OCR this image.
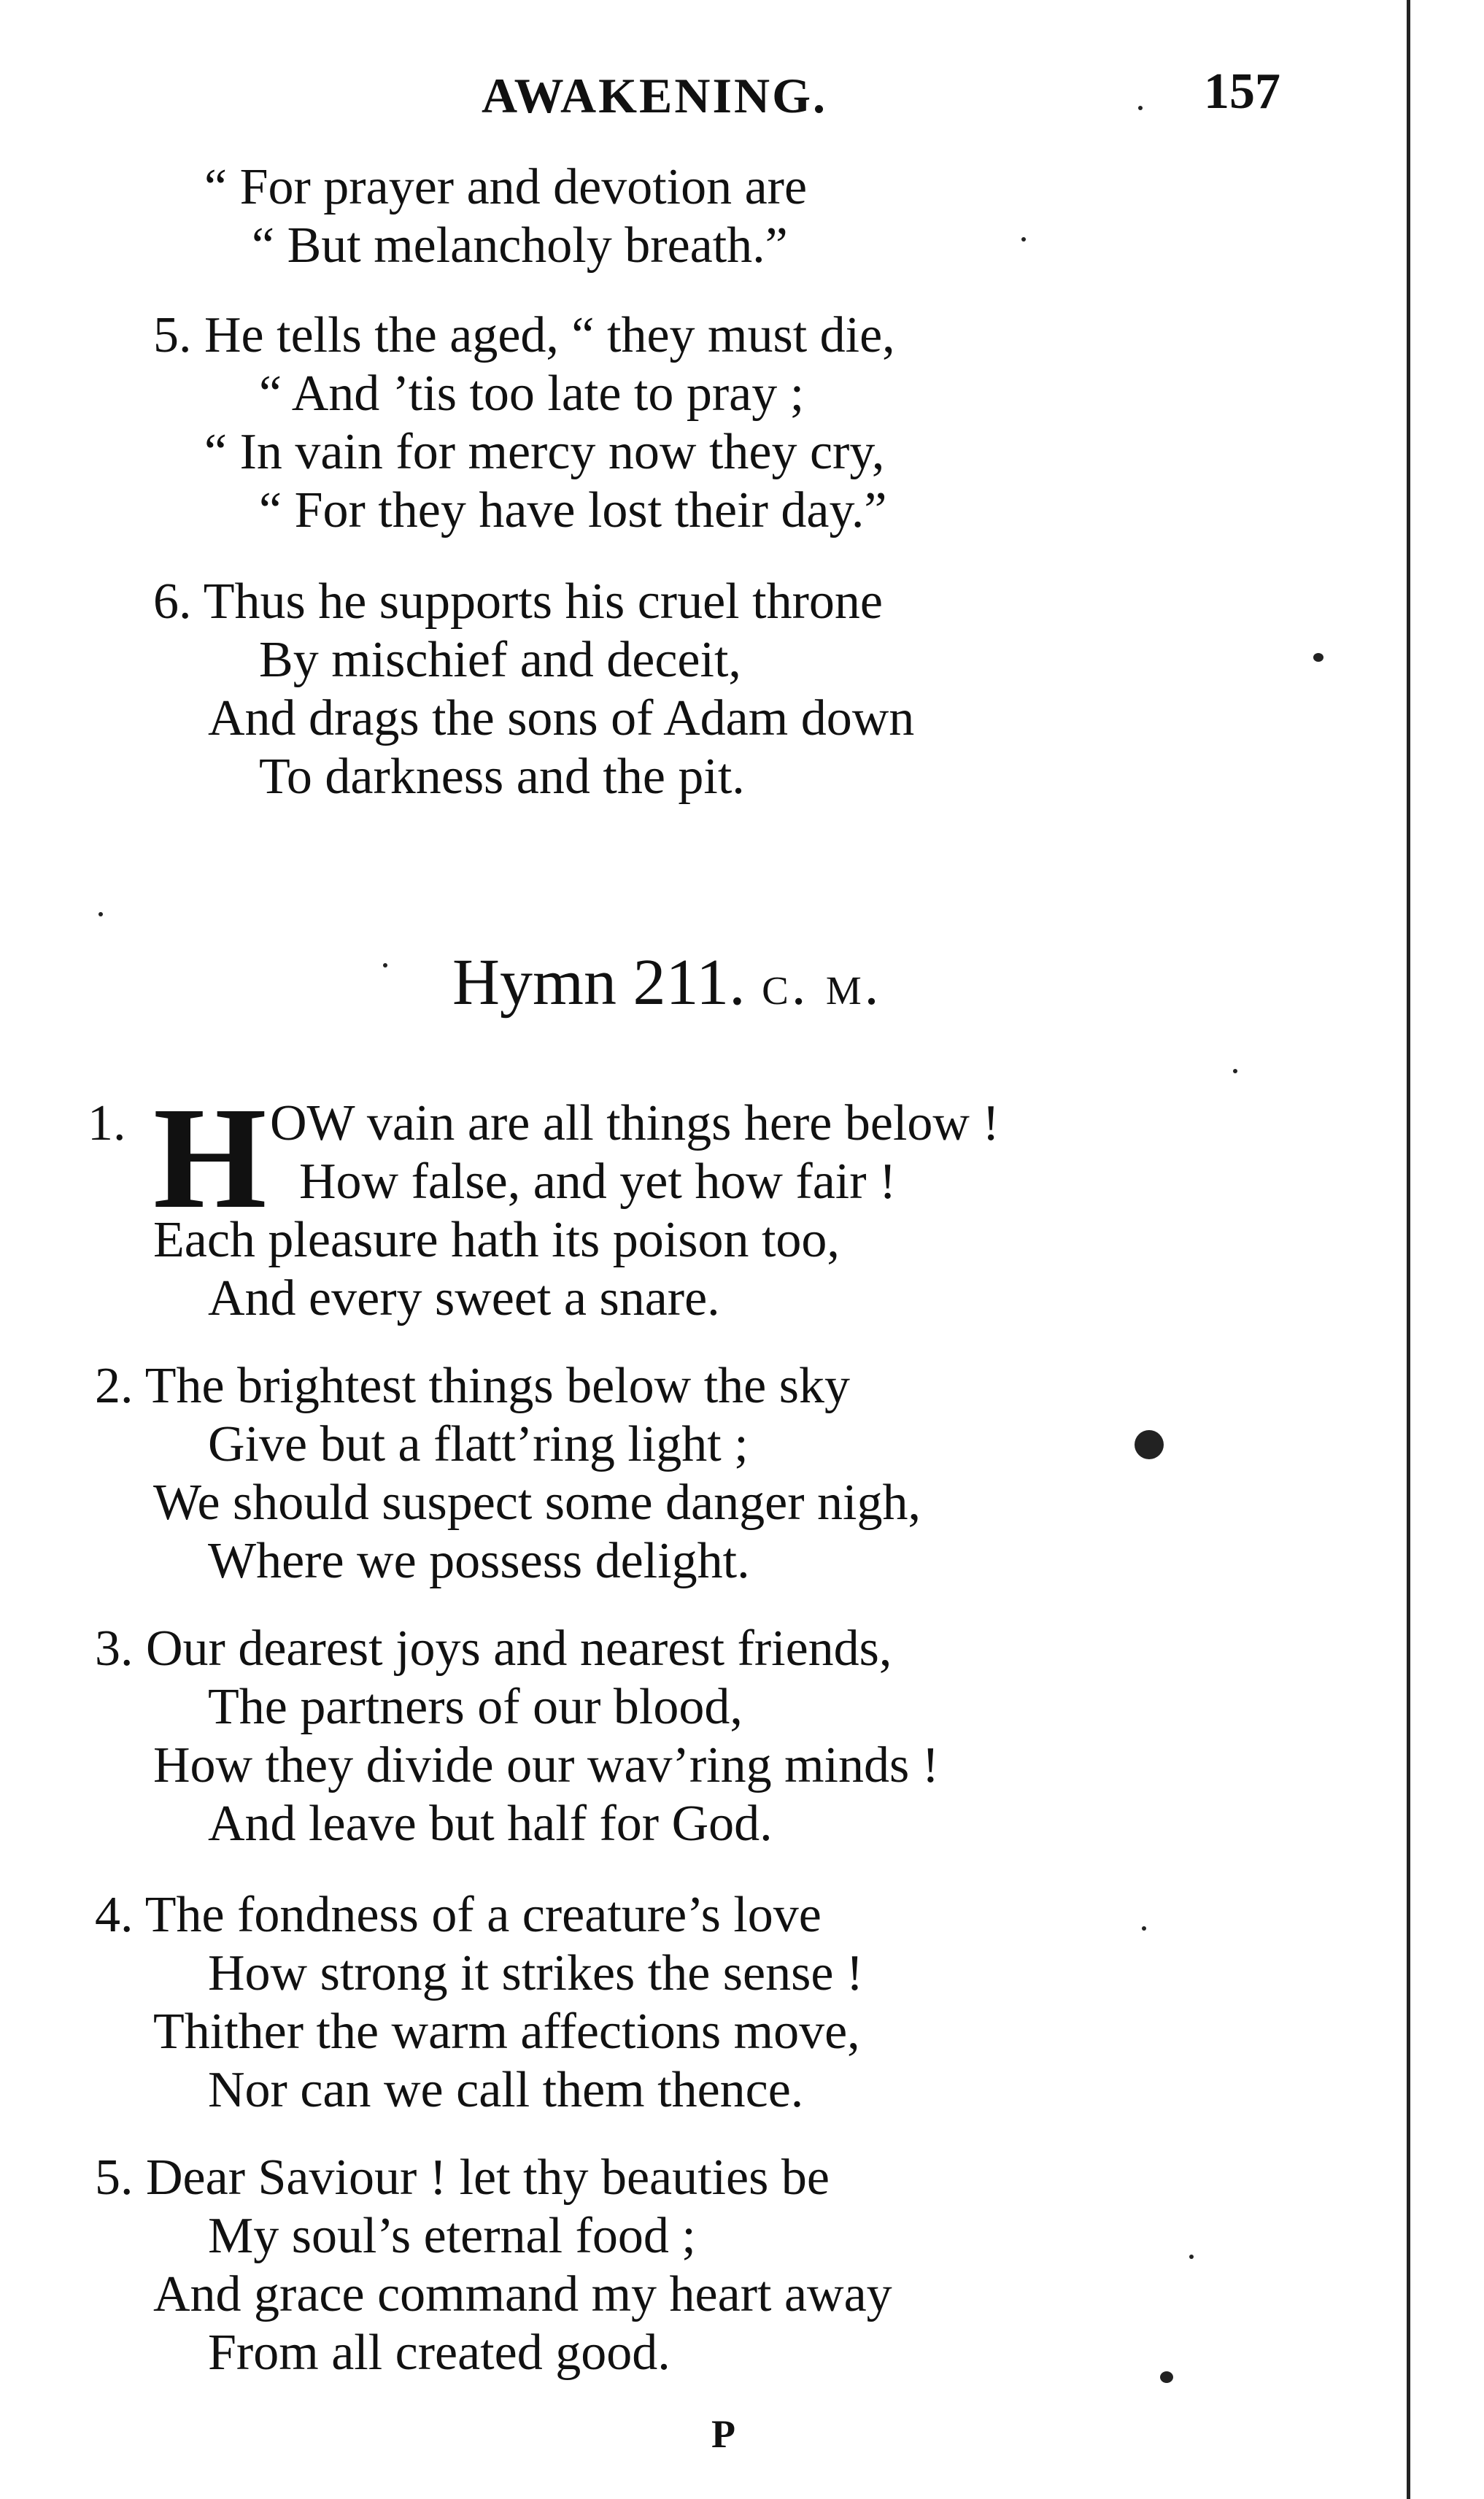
AWAKENING.	157
“ For prayer and devotion are
“ But melancholy breath.”
5. He tells the aged, “ they must die,
“ And ’tis too late to pray ;
“ In vain for mercy now they cry,
“ For they have lost their day.”
6. Thus he supports his cruel throne
By mischief and deceit,
And drags the sons of Adam down
To darkness and the pit.
Hymn 211. c. m.
1. H OW vain are all things here below !
How false, and yet how fair !
Each pleasure hath its poison too,
And every sweet a snare.
2. The brightest things below the sky
Give but a flatt’ring light ;
We should suspect some danger nigh,
Where we possess delight.
3. Our dearest joys and nearest friends,
The partners of our blood,
How they divide our wav’ring minds !
And leave but half for God.
4. The fondness of a creature’s love
How strong it strikes the sense !
Thither the warm affections move,
Nor can we call them thence.
5. Dear Saviour ! let thy beauties be
My soul’s eternal food ;
And grace command my heart away
From all created good.
P
